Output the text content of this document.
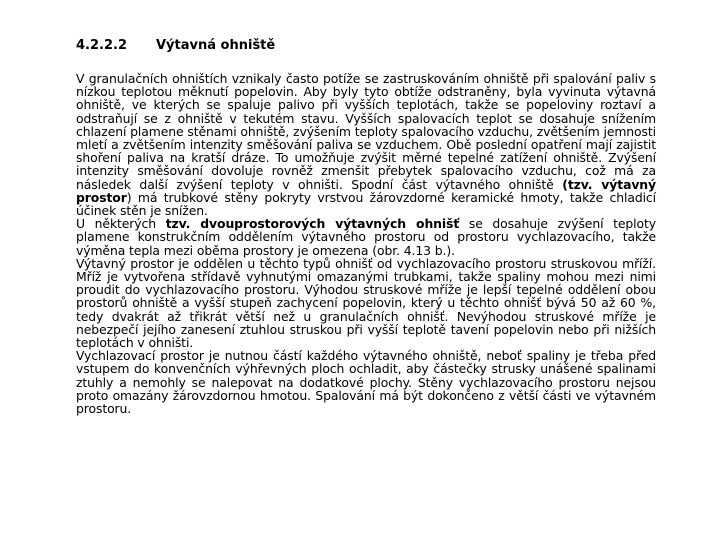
4.2.2.2 Výtavná ohniště

V granulačních ohništích vznikaly často potíže se zastruskováním ohniště při spalování paliv s nízkou teplotou měknutí popelovin. Aby byly tyto obtíže odstraněny, byla vyvinuta výtavná ohniště, ve kterých se spaluje palivo při vyšších teplotách, takže se popeloviny roztaví a odstraňují se z ohniště v tekutém stavu. Vyšších spalovacích teplot se dosahuje snížením chlazení plamene stěnami ohniště, zvýšením teploty spalovacího vzduchu, zvětšením jemnosti mletí a zvětšením intenzity směšování paliva se vzduchem. Obě poslední opatření mají zajistit shoření paliva na kratší dráze. To umožňuje zvýšit měrné tepelné zatížení ohniště. Zvýšení intenzity směšování dovoluje rovněž zmenšit přebytek spalovacího vzduchu, což má za následek další zvýšení teploty v ohništi. Spodní část výtavného ohniště (tzv. výtavný prostor) má trubkové stěny pokryty vrstvou žárovzdorné keramické hmoty, takže chladicí účinek stěn je snížen.

U některých tzv. dvouprostorových výtavných ohnišť se dosahuje zvýšení teploty plamene konstrukčním oddělením výtavného prostoru od prostoru vychlazovacího, takže výměna tepla mezi oběma prostory je omezena (obr. 4.13 b.).

Výtavný prostor je oddělen u těchto typů ohnišť od vychlazovacího prostoru struskovou mříží. Mříž je vytvořena střídavě vyhnutými omazanými trubkami, takže spaliny mohou mezi nimi proudit do vychlazovacího prostoru. Výhodou struskové mříže je lepší tepelné oddělení obou prostorů ohniště a vyšší stupeň zachycení popelovin, který u těchto ohnišť bývá 50 až 60 %, tedy dvakrát až třikrát větší než u granulačních ohnišť. Nevýhodou struskové mříže je nebezpečí jejího zanesení ztuhlou struskou při vyšší teplotě tavení popelovin nebo při nižších teplotách v ohništi.

Vychlazovací prostor je nutnou částí každého výtavného ohniště, neboť spaliny je třeba před vstupem do konvenčních výhřevných ploch ochladit, aby částečky strusky unášené spalinami ztuhly a nemohly se nalepovat na dodatkové plochy. Stěny vychlazovacího prostoru nejsou proto omazány žárovzdornou hmotou. Spalování má být dokončeno z větší části ve výtavném prostoru.
